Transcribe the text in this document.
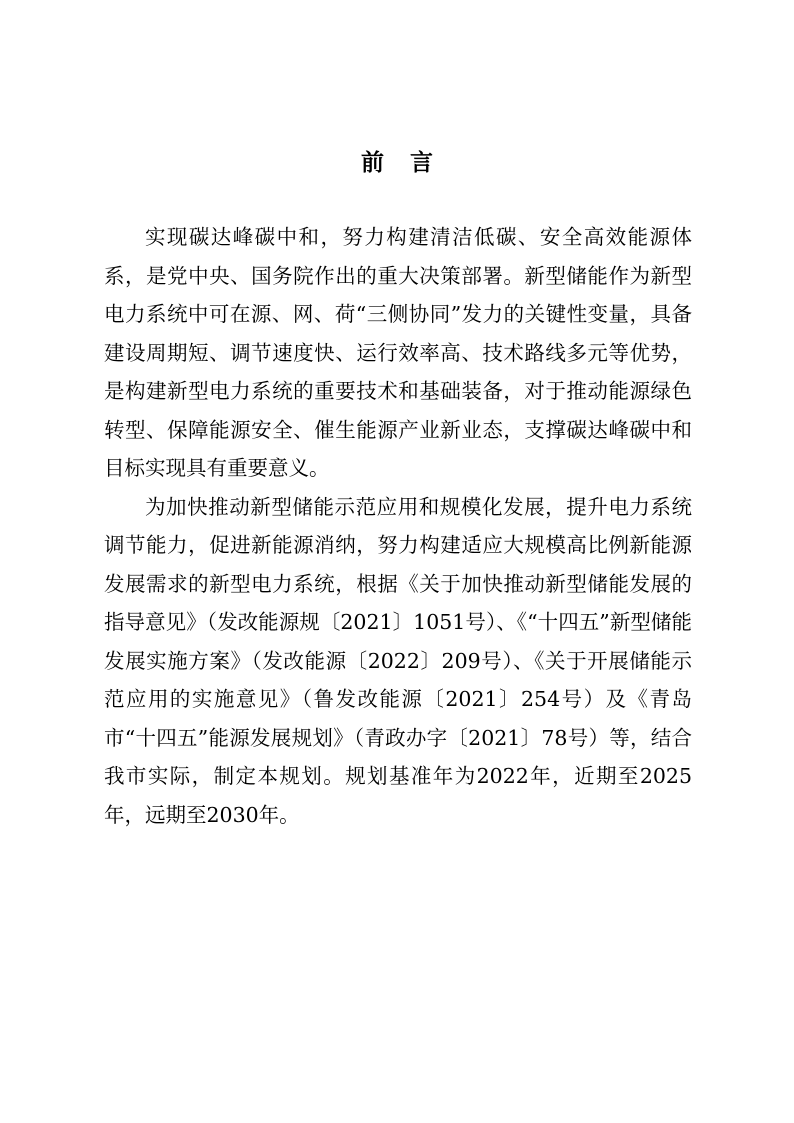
前言

实现碳达峰碳中和，努力构建清洁低碳、安全高效能源体系，是党中央、国务院作出的重大决策部署。新型储能作为新型电力系统中可在源、网、荷“三侧协同”发力的关键性变量，具备建设周期短、调节速度快、运行效率高、技术路线多元等优势，是构建新型电力系统的重要技术和基础装备，对于推动能源绿色转型、保障能源安全、催生能源产业新业态，支撑碳达峰碳中和目标实现具有重要意义。

为加快推动新型储能示范应用和规模化发展，提升电力系统调节能力，促进新能源消纳，努力构建适应大规模高比例新能源发展需求的新型电力系统，根据《关于加快推动新型储能发展的指导意见》（发改能源规〔2021〕1051号）、《“十四五”新型储能发展实施方案》（发改能源〔2022〕209号）、《关于开展储能示范应用的实施意见》（鲁发改能源〔2021〕254号）及《青岛市“十四五”能源发展规划》（青政办字〔2021〕78号）等，结合我市实际，制定本规划。规划基准年为2022年，近期至2025年，远期至2030年。
